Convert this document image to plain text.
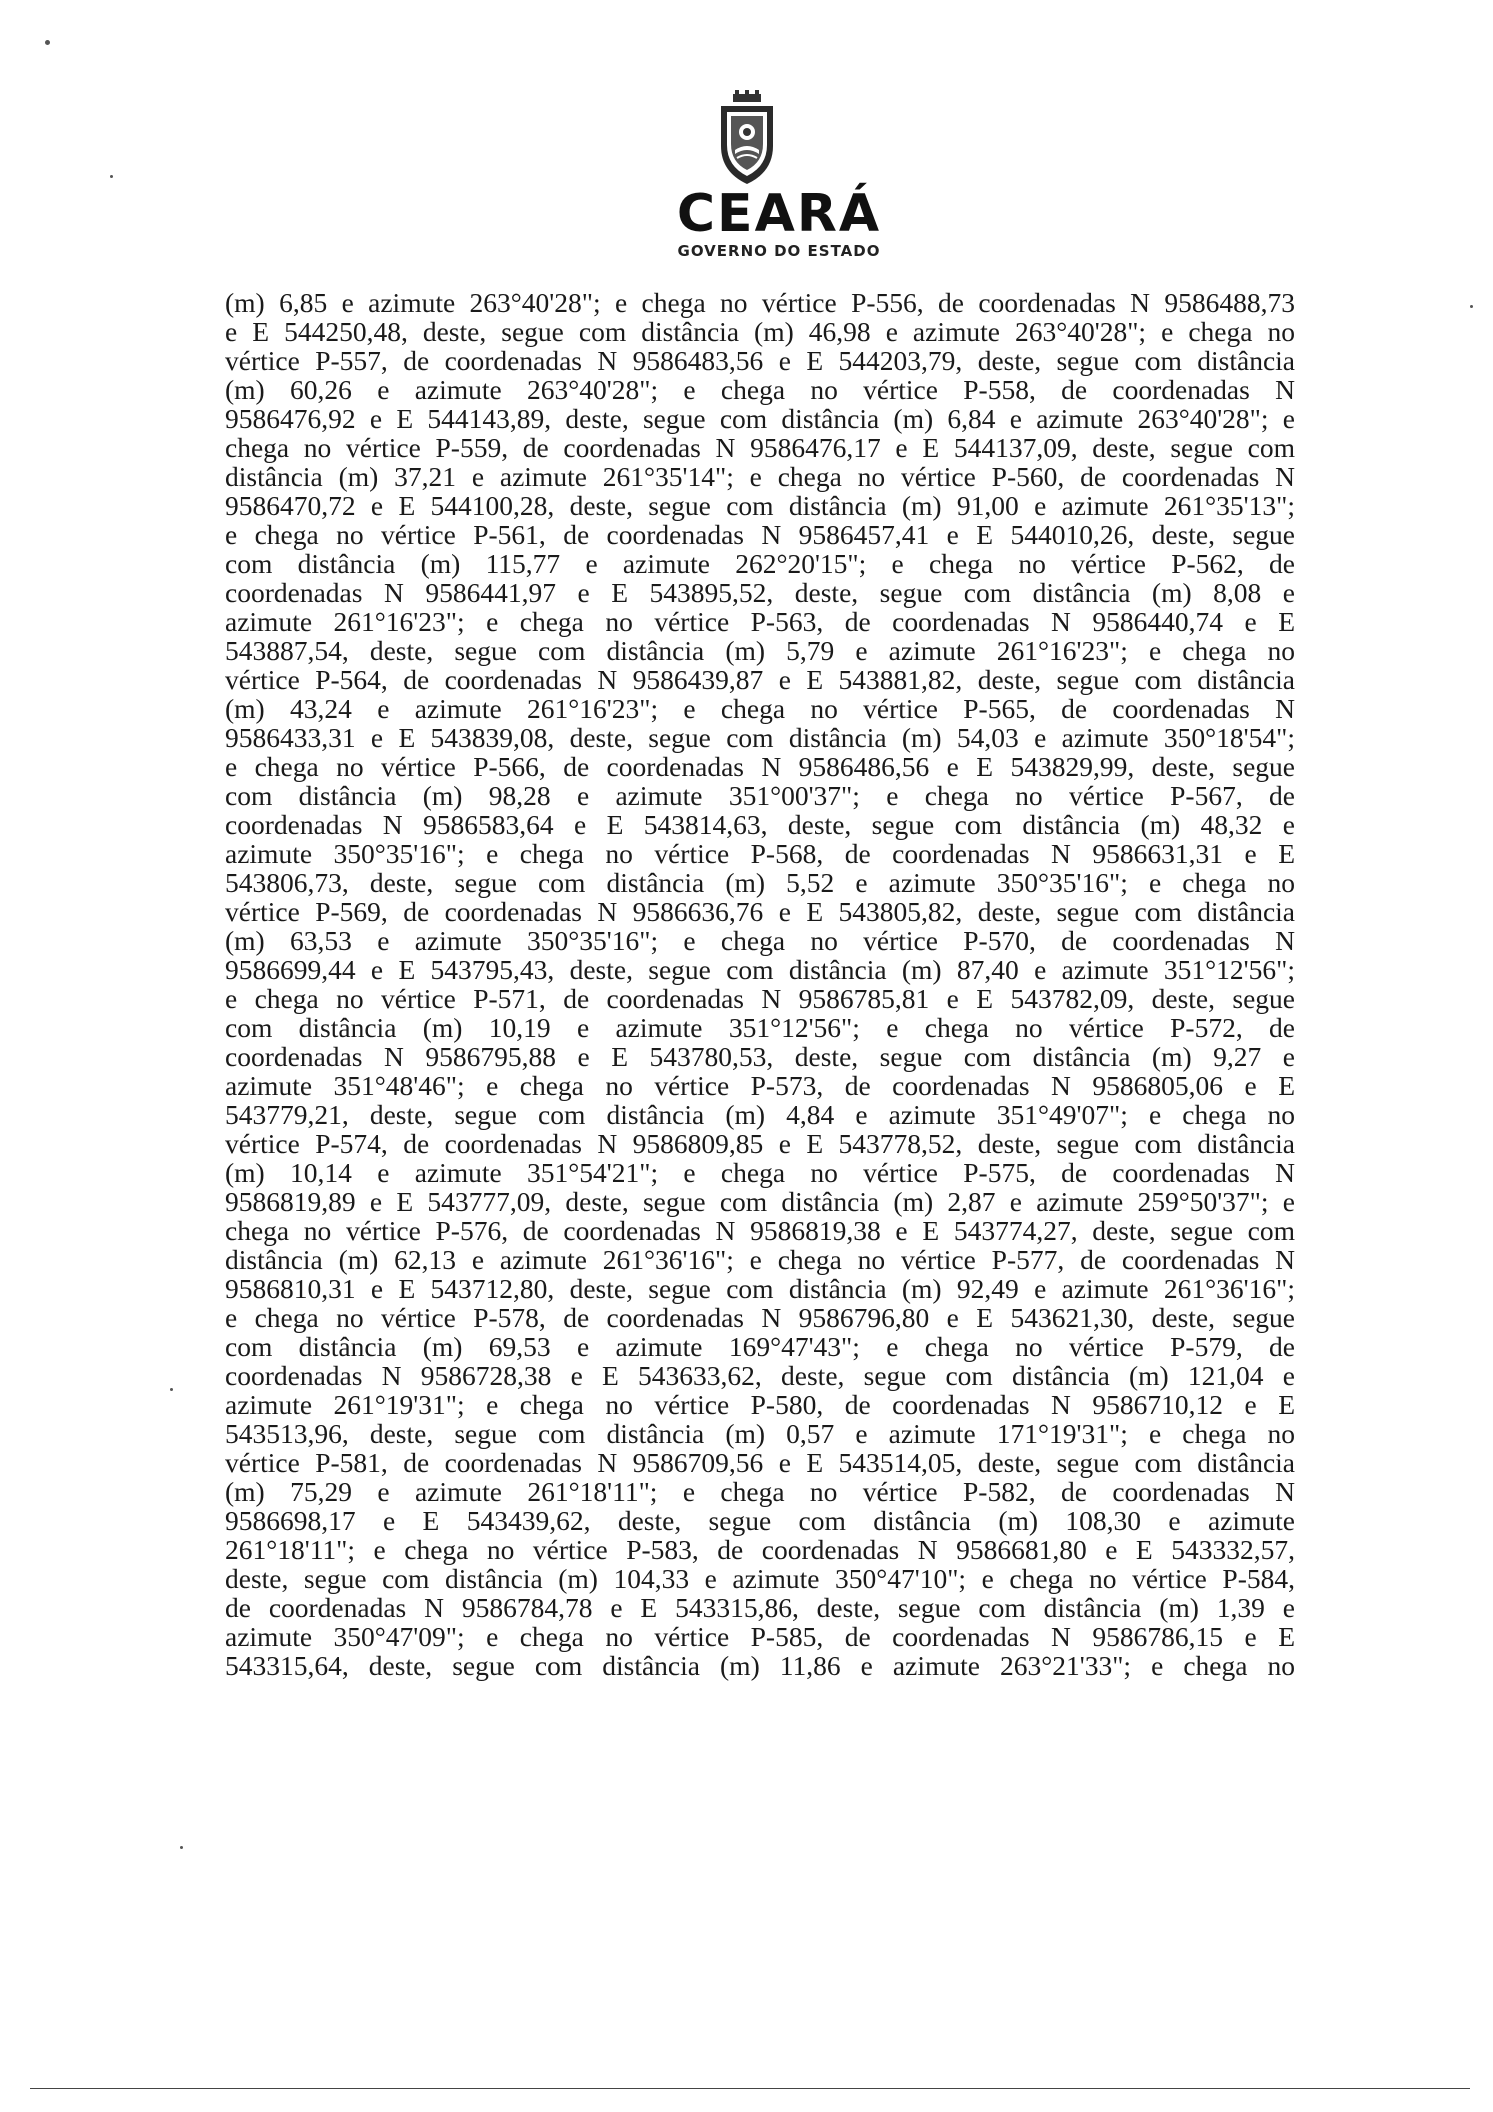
CEARÁ
GOVERNO DO ESTADO
(m) 6,85 e azimute 263°40'28"; e chega no vértice P-556, de coordenadas N 9586488,73
e E 544250,48, deste, segue com distância (m) 46,98 e azimute 263°40'28"; e chega no
vértice P-557, de coordenadas N 9586483,56 e E 544203,79, deste, segue com distância
(m) 60,26 e azimute 263°40'28"; e chega no vértice P-558, de coordenadas N
9586476,92 e E 544143,89, deste, segue com distância (m) 6,84 e azimute 263°40'28"; e
chega no vértice P-559, de coordenadas N 9586476,17 e E 544137,09, deste, segue com
distância (m) 37,21 e azimute 261°35'14"; e chega no vértice P-560, de coordenadas N
9586470,72 e E 544100,28, deste, segue com distância (m) 91,00 e azimute 261°35'13";
e chega no vértice P-561, de coordenadas N 9586457,41 e E 544010,26, deste, segue
com distância (m) 115,77 e azimute 262°20'15"; e chega no vértice P-562, de
coordenadas N 9586441,97 e E 543895,52, deste, segue com distância (m) 8,08 e
azimute 261°16'23"; e chega no vértice P-563, de coordenadas N 9586440,74 e E
543887,54, deste, segue com distância (m) 5,79 e azimute 261°16'23"; e chega no
vértice P-564, de coordenadas N 9586439,87 e E 543881,82, deste, segue com distância
(m) 43,24 e azimute 261°16'23"; e chega no vértice P-565, de coordenadas N
9586433,31 e E 543839,08, deste, segue com distância (m) 54,03 e azimute 350°18'54";
e chega no vértice P-566, de coordenadas N 9586486,56 e E 543829,99, deste, segue
com distância (m) 98,28 e azimute 351°00'37"; e chega no vértice P-567, de
coordenadas N 9586583,64 e E 543814,63, deste, segue com distância (m) 48,32 e
azimute 350°35'16"; e chega no vértice P-568, de coordenadas N 9586631,31 e E
543806,73, deste, segue com distância (m) 5,52 e azimute 350°35'16"; e chega no
vértice P-569, de coordenadas N 9586636,76 e E 543805,82, deste, segue com distância
(m) 63,53 e azimute 350°35'16"; e chega no vértice P-570, de coordenadas N
9586699,44 e E 543795,43, deste, segue com distância (m) 87,40 e azimute 351°12'56";
e chega no vértice P-571, de coordenadas N 9586785,81 e E 543782,09, deste, segue
com distância (m) 10,19 e azimute 351°12'56"; e chega no vértice P-572, de
coordenadas N 9586795,88 e E 543780,53, deste, segue com distância (m) 9,27 e
azimute 351°48'46"; e chega no vértice P-573, de coordenadas N 9586805,06 e E
543779,21, deste, segue com distância (m) 4,84 e azimute 351°49'07"; e chega no
vértice P-574, de coordenadas N 9586809,85 e E 543778,52, deste, segue com distância
(m) 10,14 e azimute 351°54'21"; e chega no vértice P-575, de coordenadas N
9586819,89 e E 543777,09, deste, segue com distância (m) 2,87 e azimute 259°50'37"; e
chega no vértice P-576, de coordenadas N 9586819,38 e E 543774,27, deste, segue com
distância (m) 62,13 e azimute 261°36'16"; e chega no vértice P-577, de coordenadas N
9586810,31 e E 543712,80, deste, segue com distância (m) 92,49 e azimute 261°36'16";
e chega no vértice P-578, de coordenadas N 9586796,80 e E 543621,30, deste, segue
com distância (m) 69,53 e azimute 169°47'43"; e chega no vértice P-579, de
coordenadas N 9586728,38 e E 543633,62, deste, segue com distância (m) 121,04 e
azimute 261°19'31"; e chega no vértice P-580, de coordenadas N 9586710,12 e E
543513,96, deste, segue com distância (m) 0,57 e azimute 171°19'31"; e chega no
vértice P-581, de coordenadas N 9586709,56 e E 543514,05, deste, segue com distância
(m) 75,29 e azimute 261°18'11"; e chega no vértice P-582, de coordenadas N
9586698,17 e E 543439,62, deste, segue com distância (m) 108,30 e azimute
261°18'11"; e chega no vértice P-583, de coordenadas N 9586681,80 e E 543332,57,
deste, segue com distância (m) 104,33 e azimute 350°47'10"; e chega no vértice P-584,
de coordenadas N 9586784,78 e E 543315,86, deste, segue com distância (m) 1,39 e
azimute 350°47'09"; e chega no vértice P-585, de coordenadas N 9586786,15 e E
543315,64, deste, segue com distância (m) 11,86 e azimute 263°21'33"; e chega no
